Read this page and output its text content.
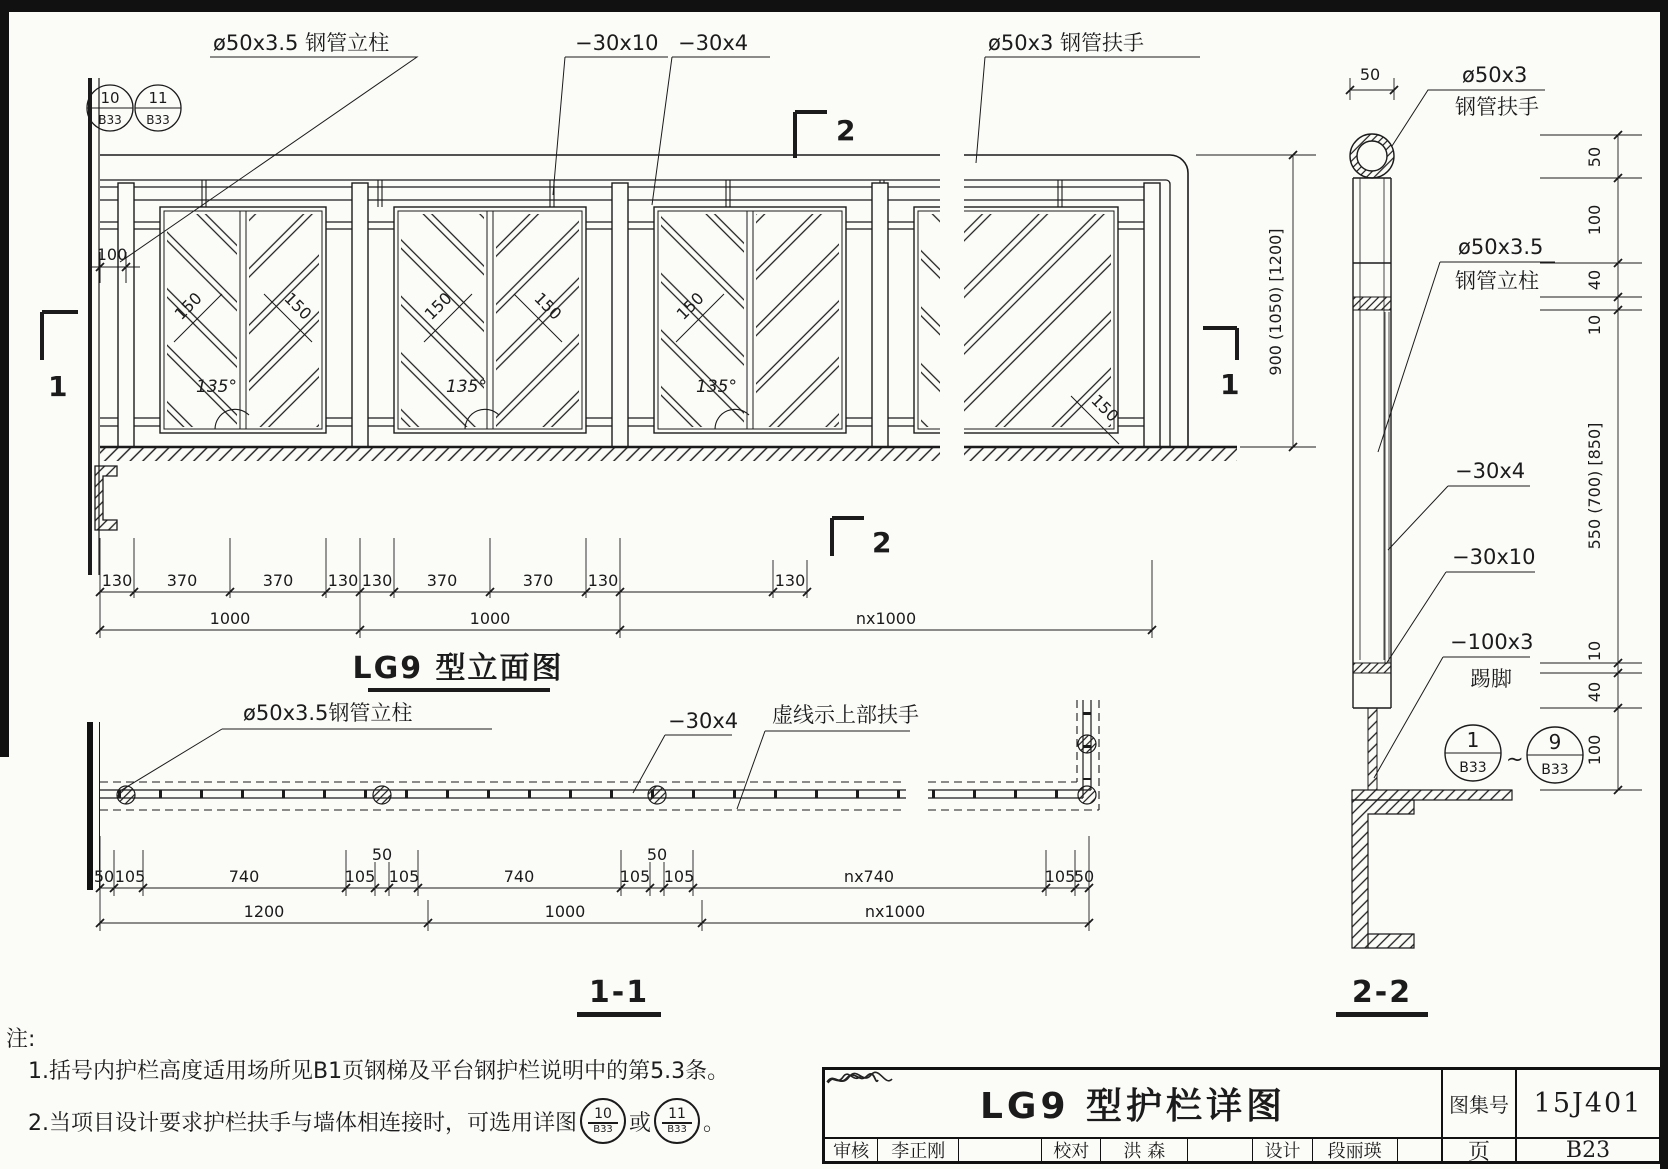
ø50x3.5 钢管立柱	−30x10 −30x4	ø50x3 钢管扶手
2
2
1	1
100	900 (1050) [1200]
150	150	150
150	150
150
135°	135°	135°
130 370	370 130 130 370	370 130	130
1000	1000	nx1000
10
B33
11
B33
LG9 型立面图
ø50x3.5钢管立柱	−30x4 虚线示上部扶手
50 105	740	105
50
105	740	105
50
105	nx740	105
50
1200	1000	nx1000
1-1
50	ø50x3
钢管扶手
ø50x3.5
钢管立柱
−30x4
−30x10
−100x3
踢脚
50
100
40
10
550 (700) [850]
10
40
100
1
B33
9
B33
~
2-2
注:
1.括号内护栏高度适用场所见B1页钢梯及平台钢护栏说明中的第5.3条。
2.当项目设计要求护栏扶手与墙体相连接时，可选用详图 10
B33 或 11
B33 。	LG9 型护栏详图	图集号 15J401
审核	李正刚	校对	洪 森	设计	段丽瑛	页	B23
